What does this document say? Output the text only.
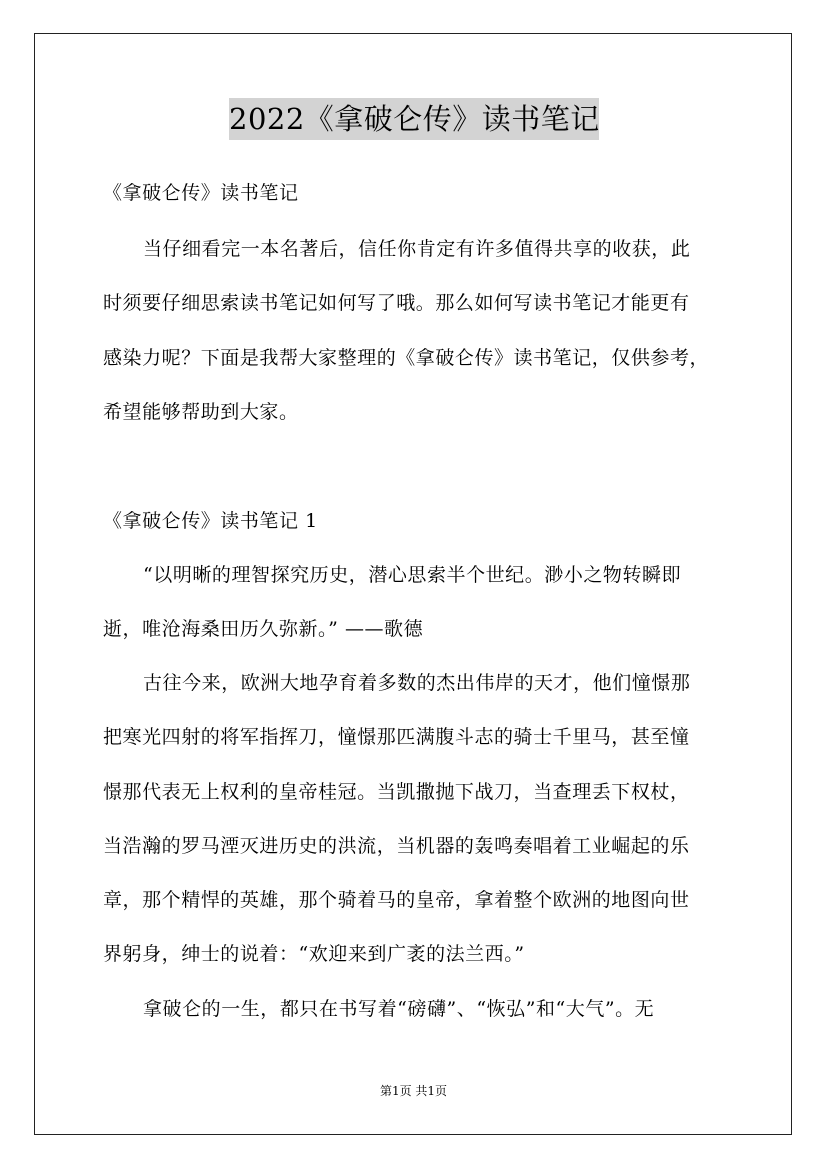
2022《拿破仑传》读书笔记
《拿破仑传》读书笔记
当仔细看完一本名著后，信任你肯定有许多值得共享的收获，此
时须要仔细思索读书笔记如何写了哦。那么如何写读书笔记才能更有
感染力呢？下面是我帮大家整理的《拿破仑传》读书笔记，仅供参考，
希望能够帮助到大家。
《拿破仑传》读书笔记 1
“以明晰的理智探究历史，潜心思索半个世纪。渺小之物转瞬即
逝，唯沧海桑田历久弥新。” ——歌德
古往今来，欧洲大地孕育着多数的杰出伟岸的天才，他们憧憬那
把寒光四射的将军指挥刀，憧憬那匹满腹斗志的骑士千里马，甚至憧
憬那代表无上权利的皇帝桂冠。当凯撒抛下战刀，当查理丢下权杖，
当浩瀚的罗马湮灭进历史的洪流，当机器的轰鸣奏唱着工业崛起的乐
章，那个精悍的英雄，那个骑着马的皇帝，拿着整个欧洲的地图向世
界躬身，绅士的说着：“欢迎来到广袤的法兰西。”
拿破仑的一生，都只在书写着“磅礴”、“恢弘”和“大气”。无
第1页 共1页
